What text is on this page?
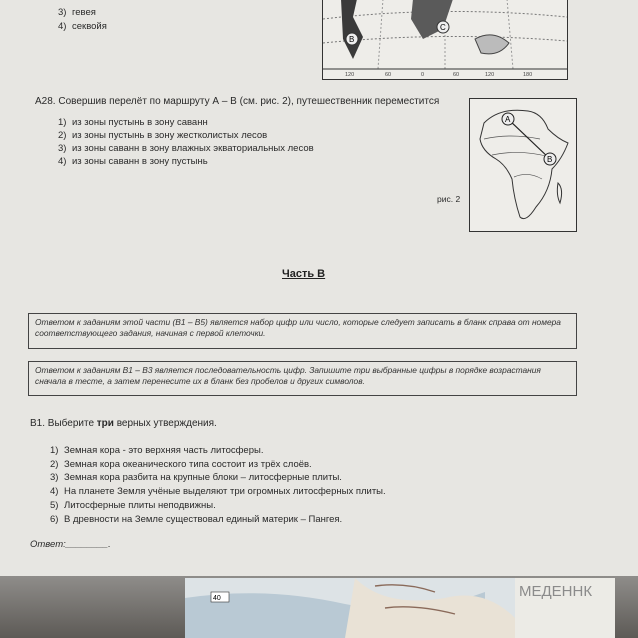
3) гевея
4) секвойя
B
C
120	60	0	60	120	180
A28. Совершив перелёт по маршруту А – В (см. рис. 2), путешественник переместится
1) из зоны пустынь в зону саванн
2) из зоны пустынь в зону жестколистых лесов
3) из зоны саванн в зону влажных экваториальных лесов
4) из зоны саванн в зону пустынь
A
B
рис. 2
Часть В
Ответом к заданиям этой части (В1 – В5) является набор цифр или число, которые следует записать в бланк справа от номера соответствующего задания, начиная с первой клеточки.
Ответом к заданиям В1 – В3 является последовательность цифр. Запишите три выбранные цифры в порядке возрастания сначала в тесте, а затем перенесите их в бланк без пробелов и других символов.
В1. Выберите три верных утверждения.
1) Земная кора - это верхняя часть литосферы.
2) Земная кора океанического типа состоит из трёх слоёв.
3) Земная кора разбита на крупные блоки – литосферные плиты.
4) На планете Земля учёные выделяют три огромных литосферных плиты.
5) Литосферные плиты неподвижны.
6) В древности на Земле существовал единый материк – Пангея.
Ответ:________.
40	МЕДЕННК
